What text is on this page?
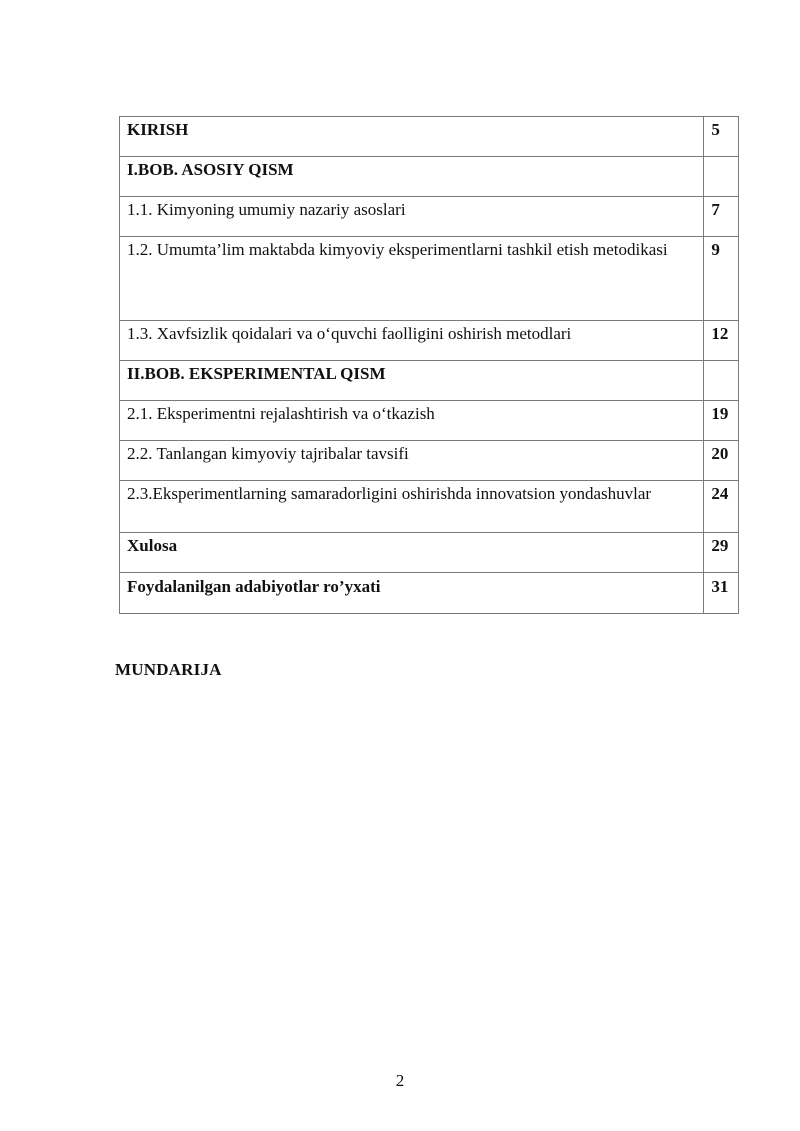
KIRISH	5
I.BOB. ASOSIY QISM	
1.1. Kimyoning umumiy nazariy asoslari	7
1.2. Umumta’lim maktabda kimyoviy eksperimentlarni tashkil etish metodikasi	9
1.3. Xavfsizlik qoidalari va o‘quvchi faolligini oshirish metodlari	12
II.BOB. EKSPERIMENTAL QISM	
2.1. Eksperimentni rejalashtirish va o‘tkazish	19
2.2. Tanlangan kimyoviy tajribalar tavsifi	20
2.3.Eksperimentlarning samaradorligini oshirishda innovatsion yondashuvlar	24
Xulosa	29
Foydalanilgan adabiyotlar ro’yxati	31
MUNDARIJA
2
